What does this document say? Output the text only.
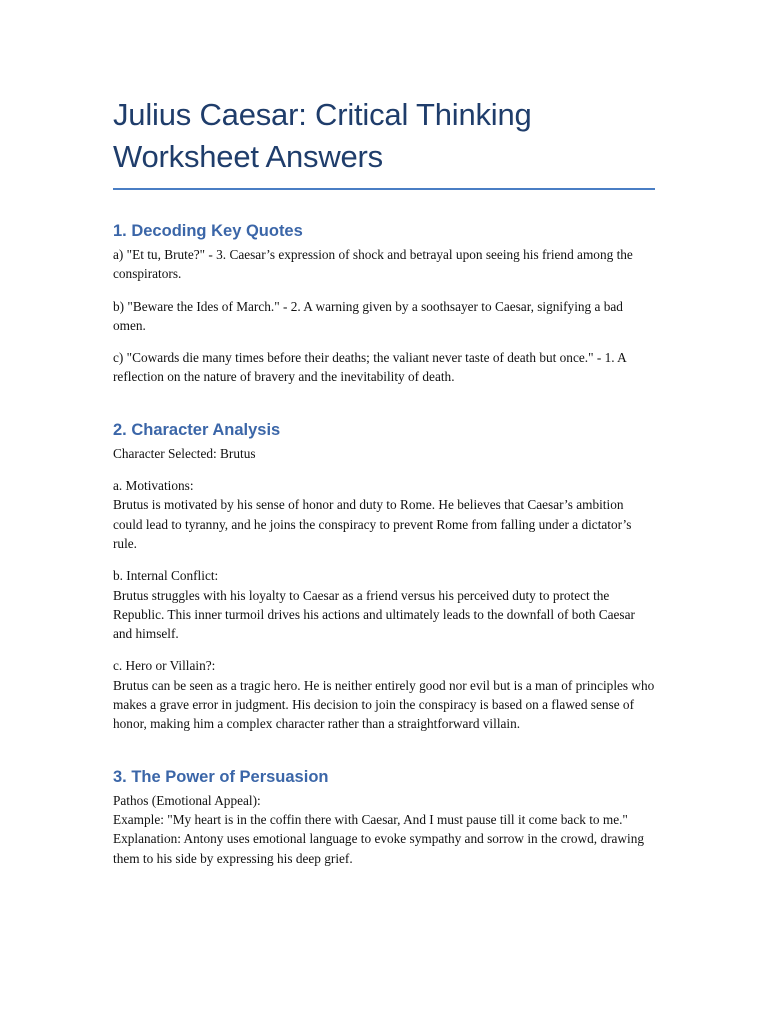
Julius Caesar: Critical Thinking
Worksheet Answers
1. Decoding Key Quotes

a) "Et tu, Brute?" - 3. Caesar’s expression of shock and betrayal upon seeing his friend among the conspirators.

b) "Beware the Ides of March." - 2. A warning given by a soothsayer to Caesar, signifying a bad omen.

c) "Cowards die many times before their deaths; the valiant never taste of death but once." - 1. A reflection on the nature of bravery and the inevitability of death.

2. Character Analysis

Character Selected: Brutus

a. Motivations:

Brutus is motivated by his sense of honor and duty to Rome. He believes that Caesar’s ambition could lead to tyranny, and he joins the conspiracy to prevent Rome from falling under a dictator’s rule.

b. Internal Conflict:

Brutus struggles with his loyalty to Caesar as a friend versus his perceived duty to protect the Republic. This inner turmoil drives his actions and ultimately leads to the downfall of both Caesar and himself.

c. Hero or Villain?:

Brutus can be seen as a tragic hero. He is neither entirely good nor evil but is a man of principles who makes a grave error in judgment. His decision to join the conspiracy is based on a flawed sense of honor, making him a complex character rather than a straightforward villain.

3. The Power of Persuasion

Pathos (Emotional Appeal):

Example: "My heart is in the coffin there with Caesar, And I must pause till it come back to me."

Explanation: Antony uses emotional language to evoke sympathy and sorrow in the crowd, drawing them to his side by expressing his deep grief.
